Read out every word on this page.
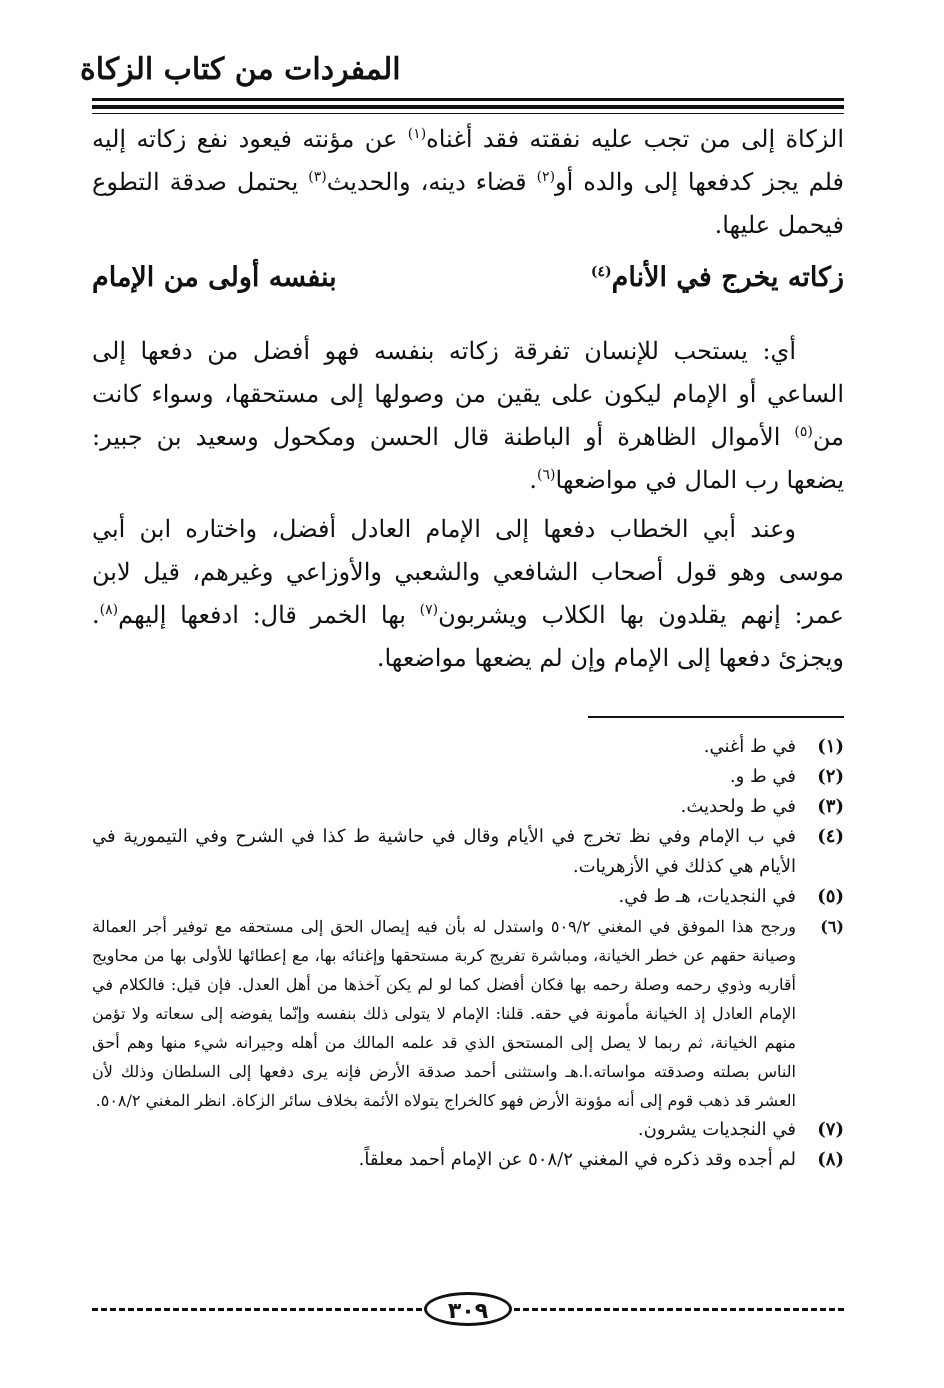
المفردات من كتاب الزكاة
الزكاة إلى من تجب عليه نفقته فقد أغناه$^{(١)}$ عن مؤنته فيعود نفع زكاته إليه فلم يجز كدفعها إلى والده أو$^{(٢)}$ قضاء دينه، والحديث$^{(٣)}$ يحتمل صدقة التطوع فيحمل عليها.
زكاته يخرج في الأنام$^{(٤)}$
بنفسه أولى من الإمام
أي: يستحب للإنسان تفرقة زكاته بنفسه فهو أفضل من دفعها إلى الساعي أو الإمام ليكون على يقين من وصولها إلى مستحقها، وسواء كانت من$^{(٥)}$ الأموال الظاهرة أو الباطنة قال الحسن ومكحول وسعيد بن جبير: يضعها رب المال في مواضعها$^{(٦)}$.
وعند أبي الخطاب دفعها إلى الإمام العادل أفضل، واختاره ابن أبي موسى وهو قول أصحاب الشافعي والشعبي والأوزاعي وغيرهم، قيل لابن عمر: إنهم يقلدون بها الكلاب ويشربون$^{(٧)}$ بها الخمر قال: ادفعها إليهم$^{(٨)}$. ويجزئ دفعها إلى الإمام وإن لم يضعها مواضعها.
(١)
في ط أغني.
(٢)
في ط و.
(٣)
في ط ولحديث.
(٤)
في ب الإمام وفي نظ تخرج في الأيام وقال في حاشية ط كذا في الشرح وفي التيمورية في الأيام هي كذلك في الأزهريات.
(٥)
في النجديات، هـ ط في.
(٦)
ورجح هذا الموفق في المغني ٥٠٩/٢ واستدل له بأن فيه إيصال الحق إلى مستحقه مع توفير أجر العمالة وصيانة حقهم عن خطر الخيانة، ومباشرة تفريج كربة مستحقها وإغنائه بها، مع إعطائها للأولى بها من محاويج أقاربه وذوي رحمه وصلة رحمه بها فكان أفضل كما لو لم يكن آخذها من أهل العدل. فإن قيل: فالكلام في الإمام العادل إذ الخيانة مأمونة في حقه. قلنا: الإمام لا يتولى ذلك بنفسه وإنّما يفوضه إلى سعاته ولا تؤمن منهم الخيانة، ثم ربما لا يصل إلى المستحق الذي قد علمه المالك من أهله وجيرانه شيء منها وهم أحق الناس بصلته وصدقته مواساته.ا.هـ واستثنى أحمد صدقة الأرض فإنه يرى دفعها إلى السلطان وذلك لأن العشر قد ذهب قوم إلى أنه مؤونة الأرض فهو كالخراج يتولاه الأئمة بخلاف سائر الزكاة. انظر المغني ٥٠٨/٢.
(٧)
في النجديات يشرون.
(٨)
لم أجده وقد ذكره في المغني ٥٠٨/٢ عن الإمام أحمد معلقاً.
٣٠٩
